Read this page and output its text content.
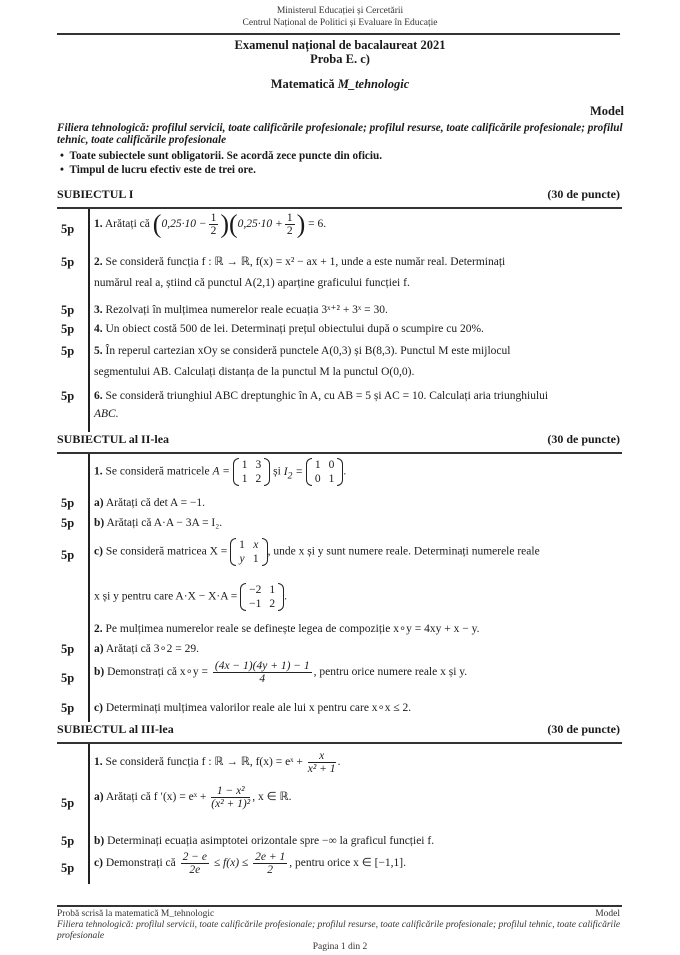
Ministerul Educației și Cercetării
Centrul Național de Politici și Evaluare în Educație
Examenul național de bacalaureat 2021
Proba E. c)
Matematică M_tehnologic
Model
Filiera tehnologică: profilul servicii, toate calificările profesionale; profilul resurse, toate calificările profesionale; profilul tehnic, toate calificările profesionale
•  Toate subiectele sunt obligatorii. Se acordă zece puncte din oficiu.
•  Timpul de lucru efectiv este de trei ore.
SUBIECTUL I	(30 de puncte)
5p 1. Arătați că $(0,25\cdot 10 - \frac{1}{2} )(0,25\cdot 10 + \frac{1}{2}$ ) = 6.
5p 2. Se consideră funcția f : ℝ → ℝ, f(x) = x² − ax + 1, unde a este număr real. Determinați
numărul real a, știind că punctul A(2,1) aparține graficului funcției f.
5p 3. Rezolvați în mulțimea numerelor reale ecuația 3ˣ⁺² + 3ˣ = 30.
5p 4. Un obiect costă 500 de lei. Determinați prețul obiectului după o scumpire cu 20%.
5p 5. În reperul cartezian xOy se consideră punctele A(0,3) și B(8,3). Punctul M este mijlocul
segmentului AB. Calculați distanța de la punctul M la punctul O(0,0).
5p 6. Se consideră triunghiul ABC dreptunghic în A, cu AB = 5 și AC = 10. Calculați aria triunghiului
ABC.
SUBIECTUL al II-lea	(30 de puncte)
1. Se consideră matricele A =
1	3
1	2
și $I_2$ =
1	0
0	1
.
5p a) Arătați că det A = −1.
5p b) Arătați că A·A − 3A = I₂.
5p c) Se consideră matricea X =
1	x
y	1
, unde x și y sunt numere reale. Determinați numerele reale
x și y pentru care A·X − X·A =
−2	1
−1	2
.
2. Pe mulțimea numerelor reale se definește legea de compoziție x∘y = 4xy + x − y.
5p a) Arătați că 3∘2 = 29.
5p b) Demonstrați că x∘y = $\frac{(4x - 1)(4y + 1) - 1}{4}$ , pentru orice numere reale x și y.
5p c) Determinați mulțimea valorilor reale ale lui x pentru care x∘x ≤ 2.
SUBIECTUL al III-lea	(30 de puncte)
1. Se consideră funcția f : ℝ → ℝ, f(x) = eˣ + $\frac{x}{\text{x² + 1}}$ .
5p a) Arătați că f ′(x) = eˣ + $\frac{\text{1 − x²}}{\text{(x² + 1)²}}$ , x ∈ ℝ.
5p b) Determinați ecuația asimptotei orizontale spre −∞ la graficul funcției f.
5p c) Demonstrați că $\frac{2 - e}{2e} \le f(x) \le \frac{2e + 1}{2}$ , pentru orice x ∈ [−1,1].
Probă scrisă la matematică M_tehnologic	Model
Filiera tehnologică: profilul servicii, toate calificările profesionale; profilul resurse, toate calificările profesionale; profilul tehnic, toate calificările profesionale
Pagina 1 din 2
